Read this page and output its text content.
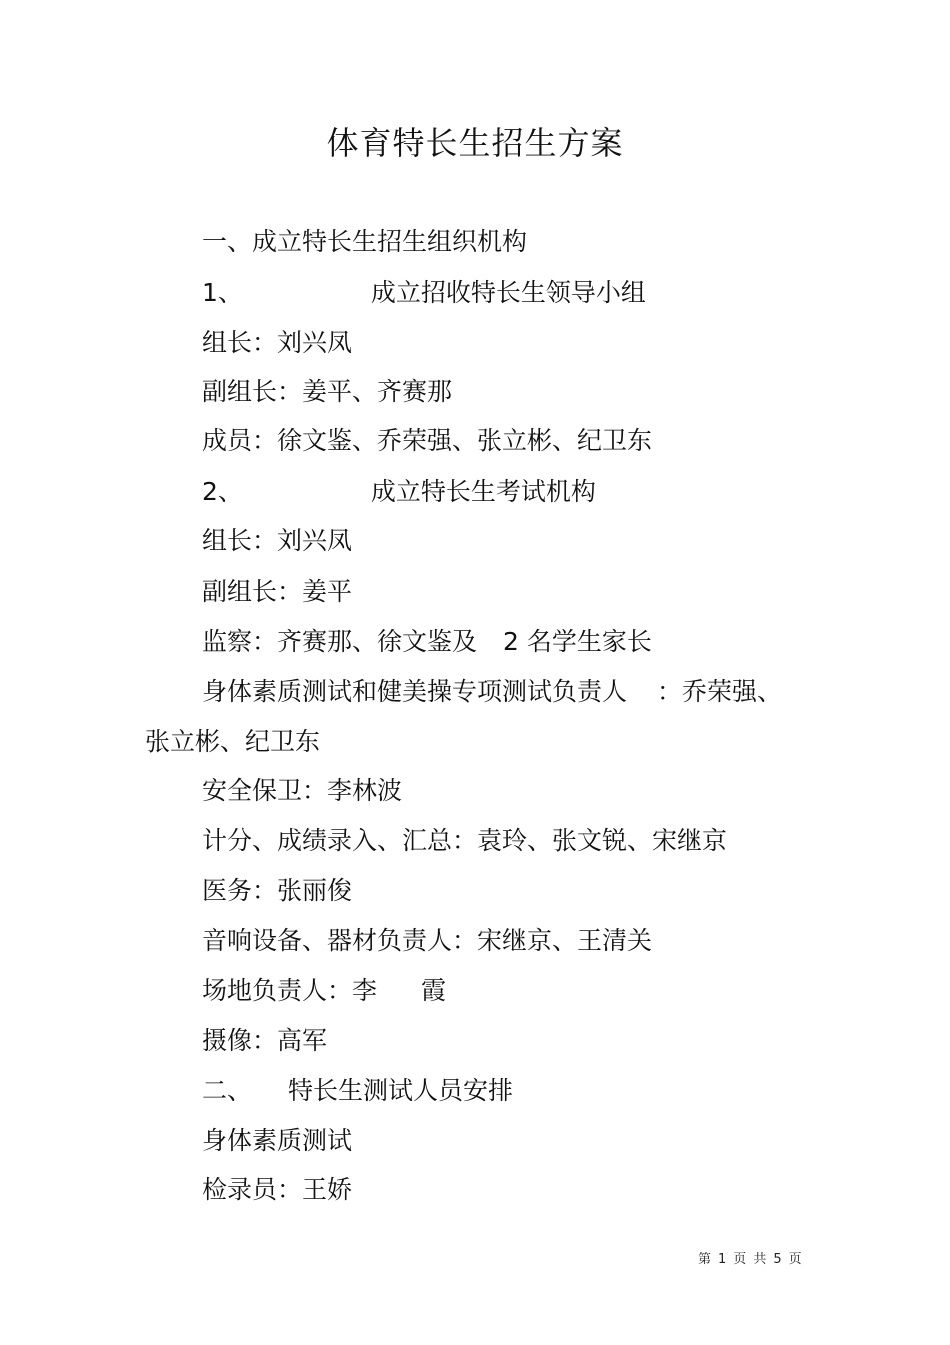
体育特长生招生方案

一、成立特长生招生组织机构

1、	成立招收特长生领导小组

组长：刘兴凤

副组长：姜平、齐赛那

成员：徐文鉴、乔荣强、张立彬、纪卫东

2、	成立特长生考试机构

组长：刘兴凤

副组长：姜平

监察：齐赛那、徐文鉴及 2 名学生家长

身体素质测试和健美操专项测试负责人 ：乔荣强、

张立彬、纪卫东

安全保卫：李林波

计分、成绩录入、汇总：袁玲、张文锐、宋继京

医务：张丽俊

音响设备、器材负责人：宋继京、王清关

场地负责人：李 霞

摄像：高军

二、 特长生测试人员安排

身体素质测试

检录员：王娇

第 1 页 共 5 页
